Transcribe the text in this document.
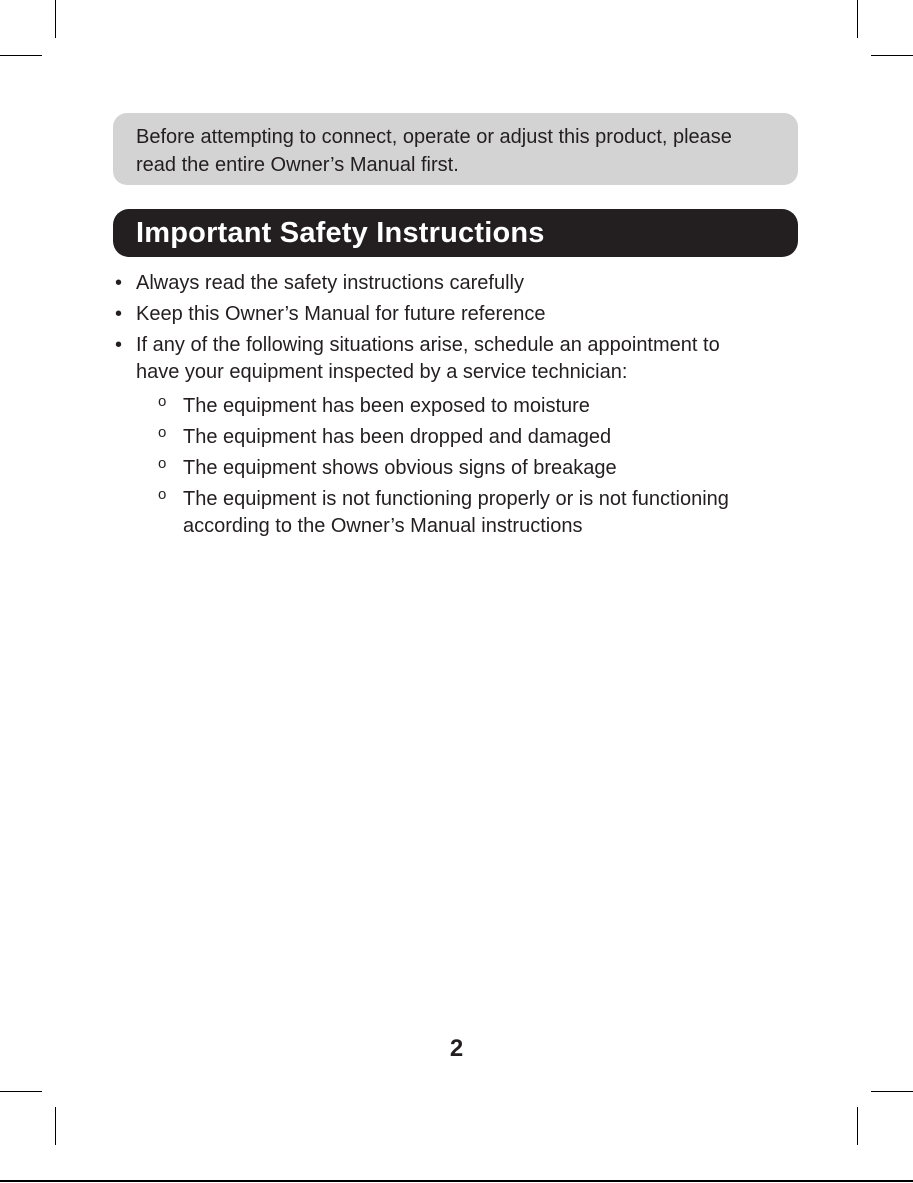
Before attempting to connect, operate or adjust this product, please
read the entire Owner’s Manual first.
Important Safety Instructions
• Always read the safety instructions carefully
• Keep this Owner’s Manual for future reference
• If any of the following situations arise, schedule an appointment to
have your equipment inspected by a service technician:
o The equipment has been exposed to moisture
o The equipment has been dropped and damaged
o The equipment shows obvious signs of breakage
o The equipment is not functioning properly or is not functioning
according to the Owner’s Manual instructions
2
